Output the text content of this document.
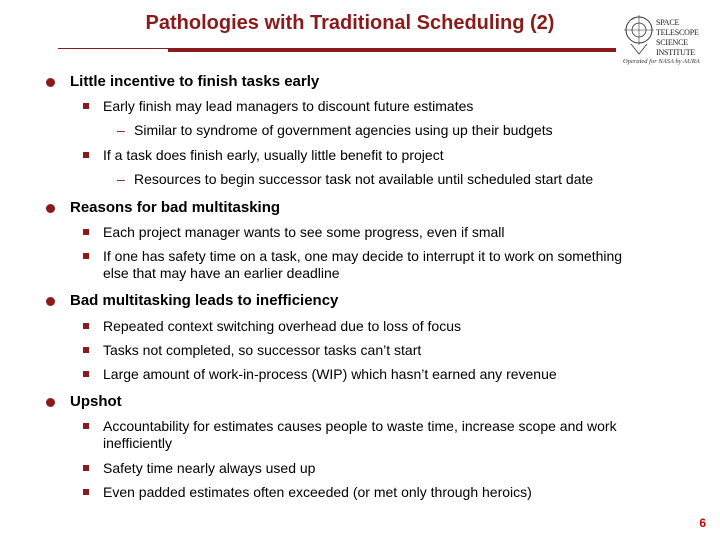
Pathologies with Traditional Scheduling (2)	SPACE TELESCOPE SCIENCE INSTITUTE
Operated for NASA by AURA
Little incentive to finish tasks early
Early finish may lead managers to discount future estimates
– Similar to syndrome of government agencies using up their budgets
If a task does finish early, usually little benefit to project
– Resources to begin successor task not available until scheduled start date
Reasons for bad multitasking
Each project manager wants to see some progress, even if small
If one has safety time on a task, one may decide to interrupt it to work on something else that may have an earlier deadline
Bad multitasking leads to inefficiency
Repeated context switching overhead due to loss of focus
Tasks not completed, so successor tasks can’t start
Large amount of work-in-process (WIP) which hasn’t earned any revenue
Upshot
Accountability for estimates causes people to waste time, increase scope and work inefficiently
Safety time nearly always used up
Even padded estimates often exceeded (or met only through heroics)
6
